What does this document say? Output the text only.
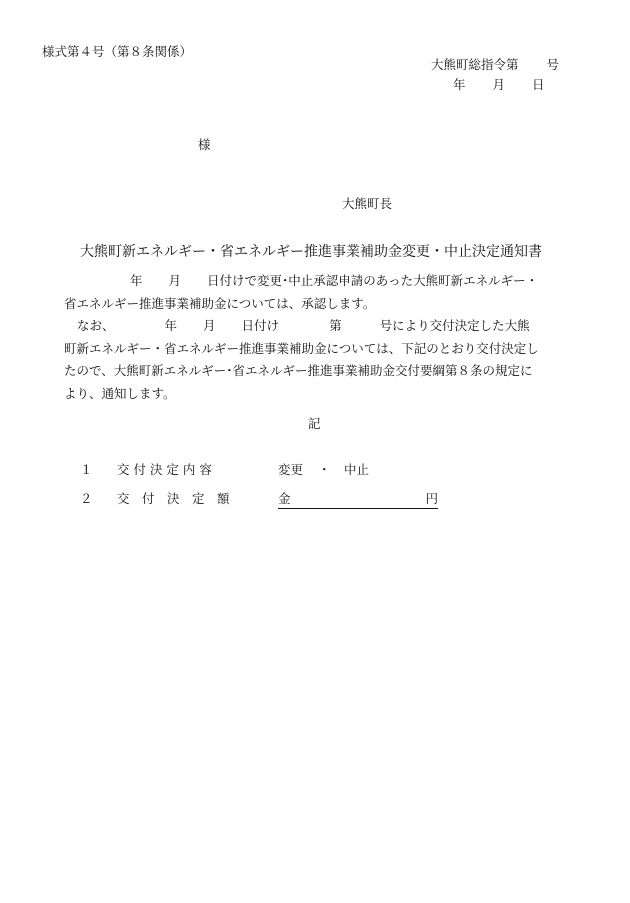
様式第４号（第８条関係）
大熊町総指令第 号
年 月 日
様
大熊町長
大熊町新エネルギー・省エネルギー推進事業補助金変更・中止決定通知書
年 月 日付けで変更･中止承認申請のあった大熊町新エネルギー・
省エネルギー推進事業補助金については、承認します。
なお、	年 月 日付け	第	号により交付決定した大熊
町新エネルギー・省エネルギー推進事業補助金については、下記のとおり交付決定し
たので、大熊町新エネルギー･省エネルギー推進事業補助金交付要綱第８条の規定に
より、通知します。
記
１ 交 付 決 定 内 容	変更 ・ 中止
２ 交　付　決　定　額	金	円
